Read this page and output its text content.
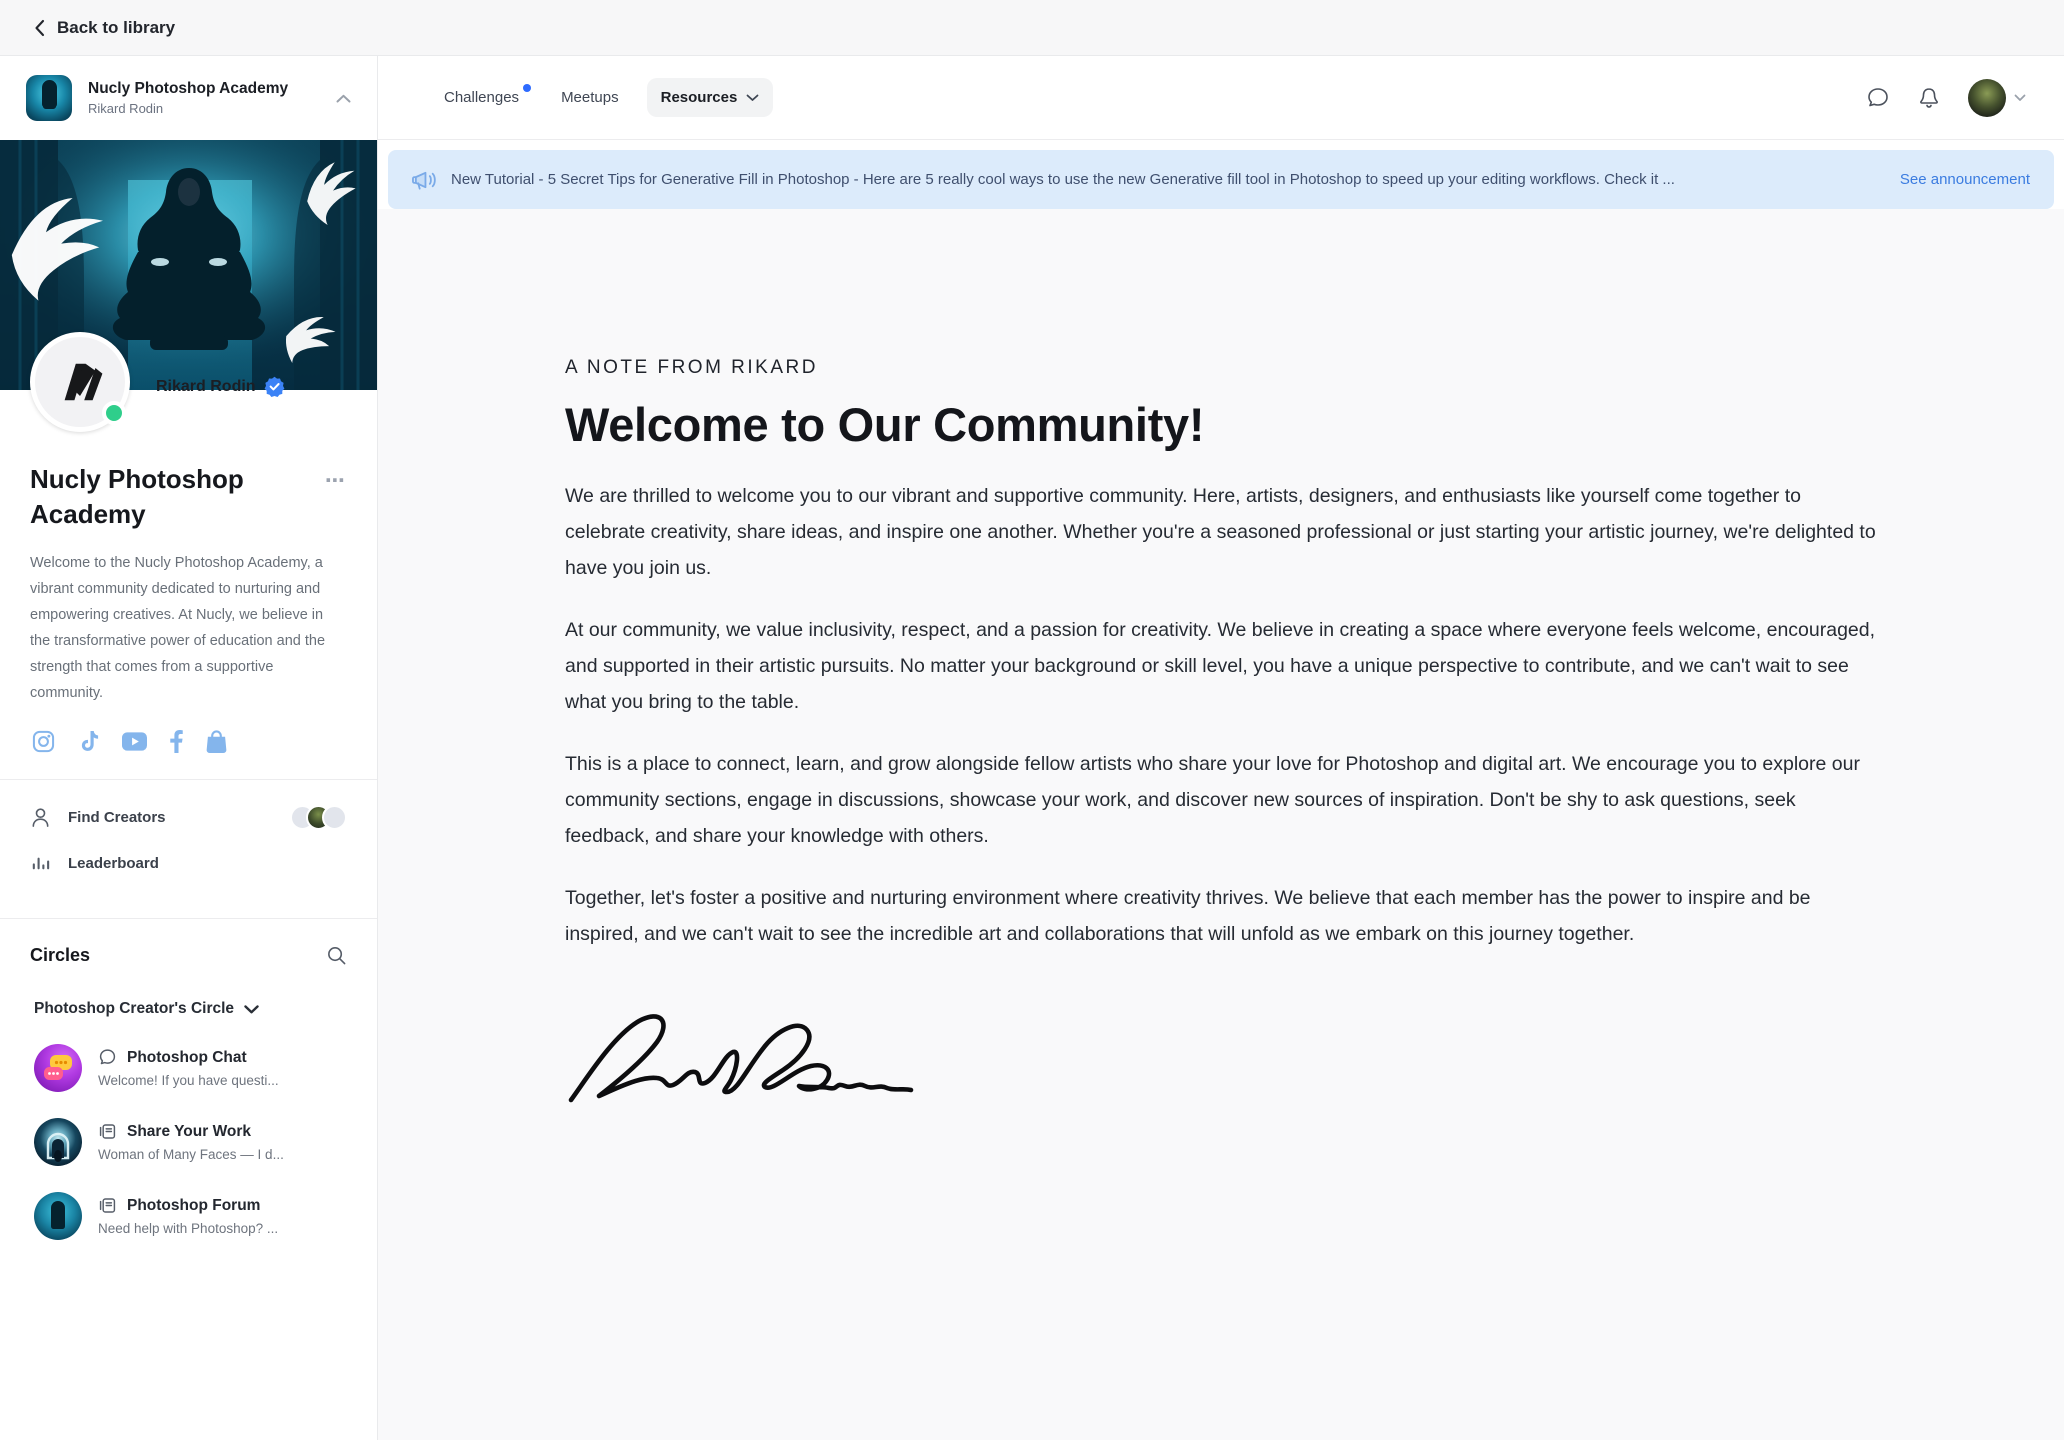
Back to library
Nucly Photoshop Academy
Rikard Rodin
Rikard Rodin
Nucly Photoshop Academy
⋯
Welcome to the Nucly Photoshop Academy, a vibrant community dedicated to nurturing and empowering creatives. At Nucly, we believe in the transformative power of education and the strength that comes from a supportive community.
Find Creators
Leaderboard
Circles
Photoshop Creator's Circle
Photoshop Chat
Welcome! If you have questi...
Share Your Work
Woman of Many Faces — I d...
Photoshop Forum
Need help with Photoshop? ...
Challenges	Meetups	Resources
New Tutorial - 5 Secret Tips for Generative Fill in Photoshop - Here are 5 really cool ways to use the new Generative fill tool in Photoshop to speed up your editing workflows. Check it ...	See announcement
A NOTE FROM RIKARD
Welcome to Our Community!

We are thrilled to welcome you to our vibrant and supportive community. Here, artists, designers, and enthusiasts like yourself come together to celebrate creativity, share ideas, and inspire one another. Whether you're a seasoned professional or just starting your artistic journey, we're delighted to have you join us.

At our community, we value inclusivity, respect, and a passion for creativity. We believe in creating a space where everyone feels welcome, encouraged, and supported in their artistic pursuits. No matter your background or skill level, you have a unique perspective to contribute, and we can't wait to see what you bring to the table.

This is a place to connect, learn, and grow alongside fellow artists who share your love for Photoshop and digital art. We encourage you to explore our community sections, engage in discussions, showcase your work, and discover new sources of inspiration. Don't be shy to ask questions, seek feedback, and share your knowledge with others.

Together, let's foster a positive and nurturing environment where creativity thrives. We believe that each member has the power to inspire and be inspired, and we can't wait to see the incredible art and collaborations that will unfold as we embark on this journey together.
